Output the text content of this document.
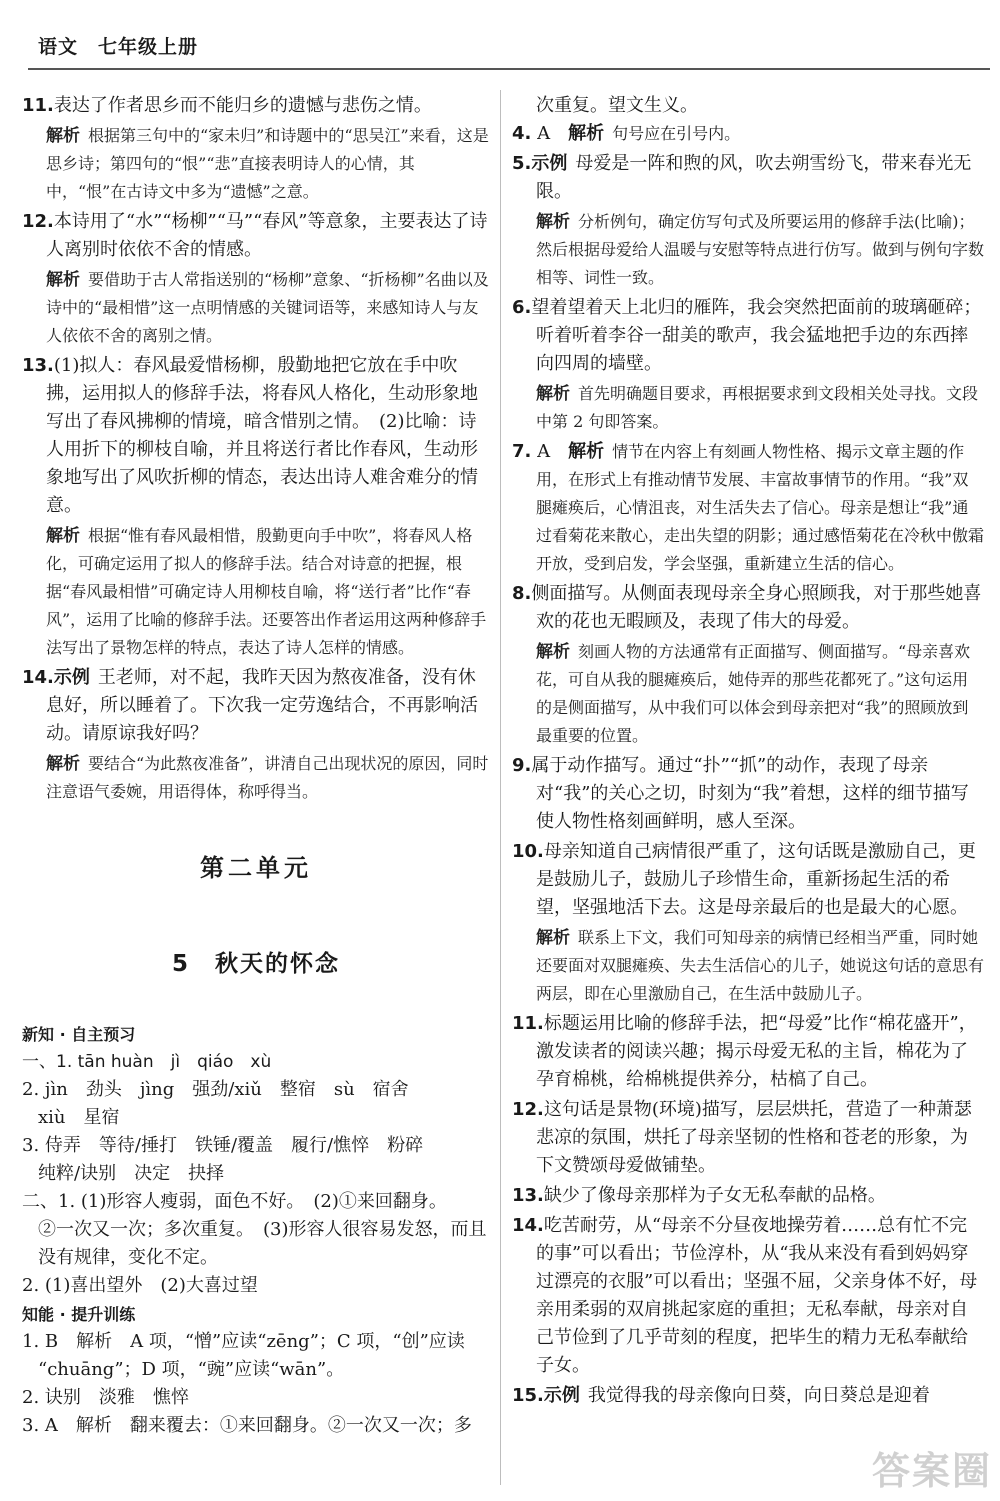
语文　七年级上册

11.表达了作者思乡而不能归乡的遗憾与悲伤之情。

解析 根据第三句中的“家未归”和诗题中的“思吴江”来看，这是思乡诗；第四句的“恨”“悲”直接表明诗人的心情，其中，“恨”在古诗文中多为“遗憾”之意。

12.本诗用了“水”“杨柳”“马”“春风”等意象，主要表达了诗人离别时依依不舍的情感。

解析 要借助于古人常指送别的“杨柳”意象、“折杨柳”名曲以及诗中的“最相惜”这一点明情感的关键词语等，来感知诗人与友人依依不舍的离别之情。

13.(1)拟人：春风最爱惜杨柳，殷勤地把它放在手中吹拂，运用拟人的修辞手法，将春风人格化，生动形象地写出了春风拂柳的情境，暗含惜别之情。　(2)比喻：诗人用折下的柳枝自喻，并且将送行者比作春风，生动形象地写出了风吹折柳的情态，表达出诗人难舍难分的情意。

解析 根据“惟有春风最相惜，殷勤更向手中吹”，将春风人格化，可确定运用了拟人的修辞手法。结合对诗意的把握，根据“春风最相惜”可确定诗人用柳枝自喻，将“送行者”比作“春风”，运用了比喻的修辞手法。还要答出作者运用这两种修辞手法写出了景物怎样的特点，表达了诗人怎样的情感。

14.示例 王老师，对不起，我昨天因为熬夜准备，没有休息好，所以睡着了。下次我一定劳逸结合，不再影响活动。请原谅我好吗？

解析 要结合“为此熬夜准备”，讲清自己出现状况的原因，同时注意语气委婉，用语得体，称呼得当。

第二单元
5　秋天的怀念
新知 · 自主预习

一、1. tān huàn　jì　qiáo　xù

2. jìn　劲头　jìng　强劲/xiǔ　整宿　sù　宿舍

xiù　星宿

3. 侍弄　等待/捶打　铁锤/覆盖　履行/憔悴　粉碎

纯粹/诀别　决定　抉择

二、1. (1)形容人瘦弱，面色不好。　(2)①来回翻身。

②一次又一次；多次重复。　(3)形容人很容易发怒，而且没有规律，变化不定。

2. (1)喜出望外　(2)大喜过望

知能 · 提升训练

1. B　解析　A 项，“憎”应读“zēng”；C 项，“创”应读

“chuāng”；D 项，“豌”应读“wān”。

2. 诀别　淡雅　憔悴

3. A　解析　翻来覆去：①来回翻身。②一次又一次；多

次重复。望文生义。

4. A　 解析 句号应在引号内。

5.示例 母爱是一阵和煦的风，吹去朔雪纷飞，带来春光无限。

解析 分析例句，确定仿写句式及所要运用的修辞手法(比喻)；然后根据母爱给人温暖与安慰等特点进行仿写。做到与例句字数相等、词性一致。

6.望着望着天上北归的雁阵，我会突然把面前的玻璃砸碎；听着听着李谷一甜美的歌声，我会猛地把手边的东西摔向四周的墙壁。

解析 首先明确题目要求，再根据要求到文段相关处寻找。文段中第 2 句即答案。

7. A　 解析 情节在内容上有刻画人物性格、揭示文章主题的作用，在形式上有推动情节发展、丰富故事情节的作用。“我”双腿瘫痪后，心情沮丧，对生活失去了信心。母亲是想让“我”通过看菊花来散心，走出失望的阴影；通过感悟菊花在冷秋中傲霜开放，受到启发，学会坚强，重新建立生活的信心。

8.侧面描写。从侧面表现母亲全身心照顾我，对于那些她喜欢的花也无暇顾及，表现了伟大的母爱。

解析 刻画人物的方法通常有正面描写、侧面描写。“母亲喜欢花，可自从我的腿瘫痪后，她侍弄的那些花都死了。”这句运用的是侧面描写，从中我们可以体会到母亲把对“我”的照顾放到最重要的位置。

9.属于动作描写。通过“扑”“抓”的动作，表现了母亲对“我”的关心之切，时刻为“我”着想，这样的细节描写使人物性格刻画鲜明，感人至深。

10.母亲知道自己病情很严重了，这句话既是激励自己，更是鼓励儿子，鼓励儿子珍惜生命，重新扬起生活的希望，坚强地活下去。这是母亲最后的也是最大的心愿。

解析 联系上下文，我们可知母亲的病情已经相当严重，同时她还要面对双腿瘫痪、失去生活信心的儿子，她说这句话的意思有两层，即在心里激励自己，在生活中鼓励儿子。

11.标题运用比喻的修辞手法，把“母爱”比作“棉花盛开”，激发读者的阅读兴趣；揭示母爱无私的主旨，棉花为了孕育棉桃，给棉桃提供养分，枯槁了自己。

12.这句话是景物(环境)描写，层层烘托，营造了一种萧瑟悲凉的氛围，烘托了母亲坚韧的性格和苍老的形象，为下文赞颂母爱做铺垫。

13.缺少了像母亲那样为子女无私奉献的品格。

14.吃苦耐劳，从“母亲不分昼夜地操劳着……总有忙不完的事”可以看出；节俭淳朴，从“我从来没有看到妈妈穿过漂亮的衣服”可以看出；坚强不屈，父亲身体不好，母亲用柔弱的双肩挑起家庭的重担；无私奉献，母亲对自己节俭到了几乎苛刻的程度，把毕生的精力无私奉献给子女。

15.示例 我觉得我的母亲像向日葵，向日葵总是迎着

答案圈
